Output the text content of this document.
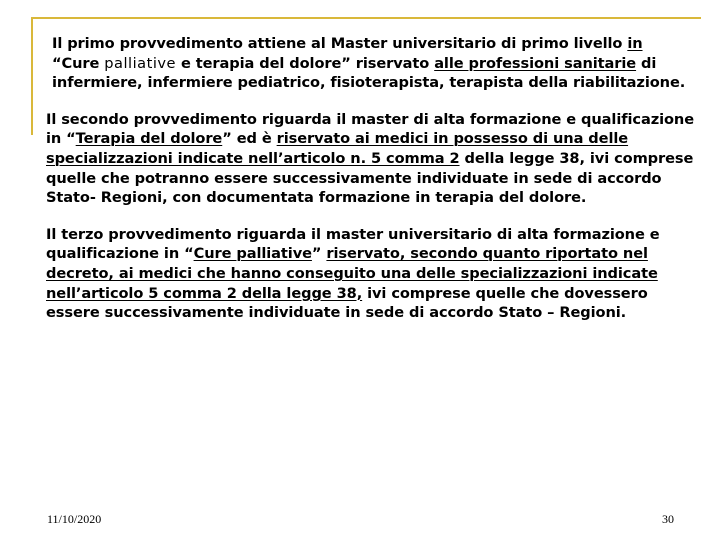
Il primo provvedimento attiene al Master universitario di primo livello in
“Cure palliative e terapia del dolore” riservato alle professioni sanitarie di infermiere, infermiere pediatrico, fisioterapista, terapista della riabilitazione.

Il secondo provvedimento riguarda il master di alta formazione e qualificazione in “Terapia del dolore” ed è riservato ai medici in possesso di una delle specializzazioni indicate nell’articolo n. 5 comma 2 della legge 38, ivi comprese quelle che potranno essere successivamente individuate in sede di accordo Stato- Regioni, con documentata formazione in terapia del dolore.

Il terzo provvedimento riguarda il master universitario di alta formazione e qualificazione in “Cure palliative” riservato, secondo quanto riportato nel decreto, ai medici che hanno conseguito una delle specializzazioni indicate nell’articolo 5 comma 2 della legge 38, ivi comprese quelle che dovessero essere successivamente individuate in sede di accordo Stato – Regioni.

11/10/2020	30
